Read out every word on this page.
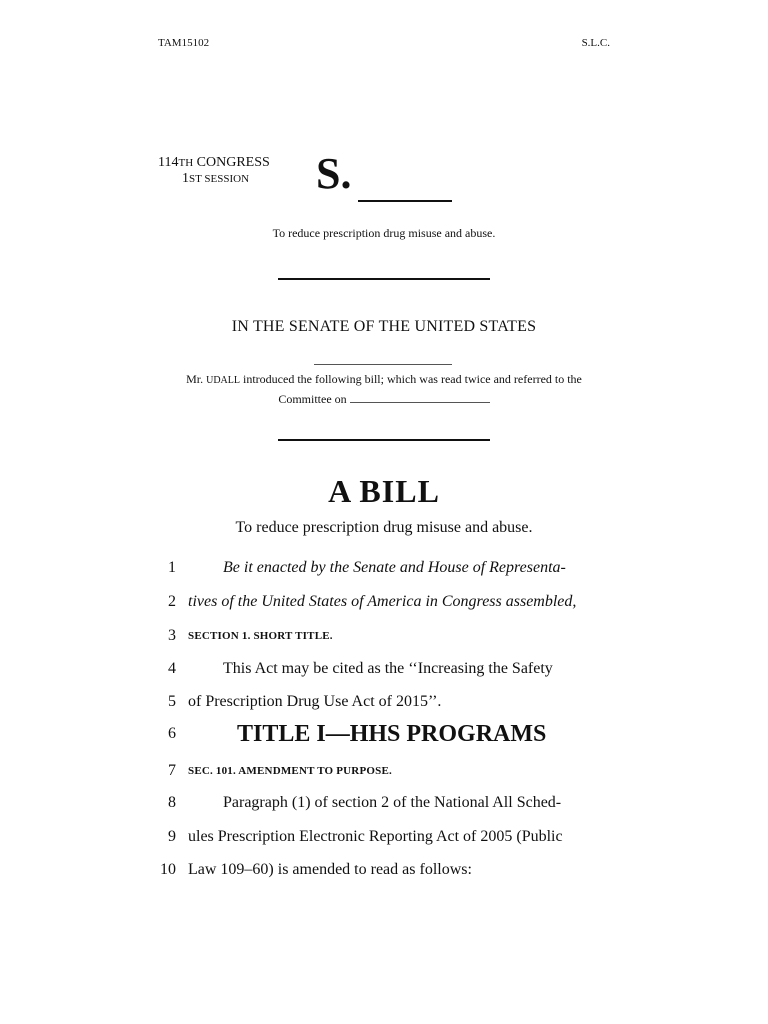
TAM15102	S.L.C.
114TH CONGRESS
1ST SESSION	S.
To reduce prescription drug misuse and abuse.
IN THE SENATE OF THE UNITED STATES
Mr. UDALL introduced the following bill; which was read twice and referred to the Committee on
A BILL
To reduce prescription drug misuse and abuse.
1	Be it enacted by the Senate and House of Representa-
2 tives of the United States of America in Congress assembled,
3 SECTION 1. SHORT TITLE.
4	This Act may be cited as the ‘‘Increasing the Safety
5 of Prescription Drug Use Act of 2015’’.
6	TITLE I—HHS PROGRAMS
7 SEC. 101. AMENDMENT TO PURPOSE.
8	Paragraph (1) of section 2 of the National All Sched-
9 ules Prescription Electronic Reporting Act of 2005 (Public
10 Law 109–60) is amended to read as follows:
